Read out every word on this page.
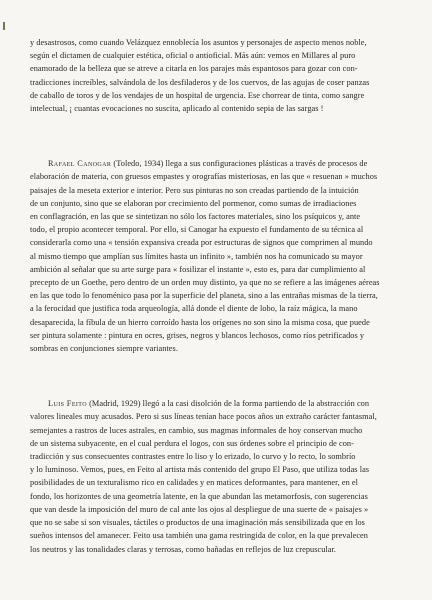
y desastrosos, como cuando Velázquez ennoblecía los asuntos y personajes de aspecto menos noble,

según el dictamen de cualquier estética, oficial o antioficial. Más aún: vemos en Millares al puro

enamorado de la belleza que se atreve a citarla en los parajes más espantosos para gozar con con-

tradicciones increíbles, salvándola de los desfiladeros y de los cuervos, de las agujas de coser panzas

de caballo de toros y de los vendajes de un hospital de urgencia. Ese chorrear de tinta, como sangre

intelectual, ¡ cuantas evocaciones no suscita, aplicado al contenido sepia de las sargas !

Rafael Canogar (Toledo, 1934) llega a sus configuraciones plásticas a través de procesos de

elaboración de materia, con gruesos empastes y orografías misteriosas, en las que « resuenan » muchos

paisajes de la meseta exterior e interior. Pero sus pinturas no son creadas partiendo de la intuición

de un conjunto, sino que se elaboran por crecimiento del pormenor, como sumas de irradiaciones

en conflagración, en las que se sintetizan no sólo los factores materiales, sino los psíquicos y, ante

todo, el propio acontecer temporal. Por ello, si Canogar ha expuesto el fundamento de su técnica al

considerarla como una « tensión expansiva creada por estructuras de signos que comprimen al mundo

al mismo tiempo que amplían sus límites hasta un infinito », también nos ha comunicado su mayor

ambición al señalar que su arte surge para « fosilizar el instante », esto es, para dar cumplimiento al

precepto de un Goethe, pero dentro de un orden muy distinto, ya que no se refiere a las imágenes aéreas

en las que todo lo fenoménico pasa por la superficie del planeta, sino a las entrañas mismas de la tierra,

a la ferocidad que justifica toda arqueología, allá donde el diente de lobo, la raíz mágica, la mano

desaparecida, la fíbula de un hierro corroído hasta los orígenes no son sino la misma cosa, que puede

ser pintura solamente : pintura en ocres, grises, negros y blancos lechosos, como ríos petrificados y

sombras en conjunciones siempre variantes.

Luis Feito (Madrid, 1929) llegó a la casi disolción de la forma partiendo de la abstracción con

valores lineales muy acusados. Pero si sus líneas tenían hace pocos años un extraño carácter fantasmal,

semejantes a rastros de luces astrales, en cambio, sus magmas informales de hoy conservan mucho

de un sistema subyacente, en el cual perdura el logos, con sus órdenes sobre el principio de con-

tradicción y sus consecuentes contrastes entre lo liso y lo erizado, lo curvo y lo recto, lo sombrío

y lo luminoso. Vemos, pues, en Feito al artista más contenido del grupo El Paso, que utiliza todas las

posibilidades de un texturalismo rico en calidades y en matices deformantes, para mantener, en el

fondo, los horizontes de una geometría latente, en la que abundan las metamorfosis, con sugerencias

que van desde la imposición del muro de cal ante los ojos al despliegue de una suerte de « paisajes »

que no se sabe si son visuales, táctiles o productos de una imaginación más sensibilizada que en los

sueños intensos del amanecer. Feito usa también una gama restringida de color, en la que prevalecen

los neutros y las tonalidades claras y terrosas, como bañadas en reflejos de luz crepuscular.
